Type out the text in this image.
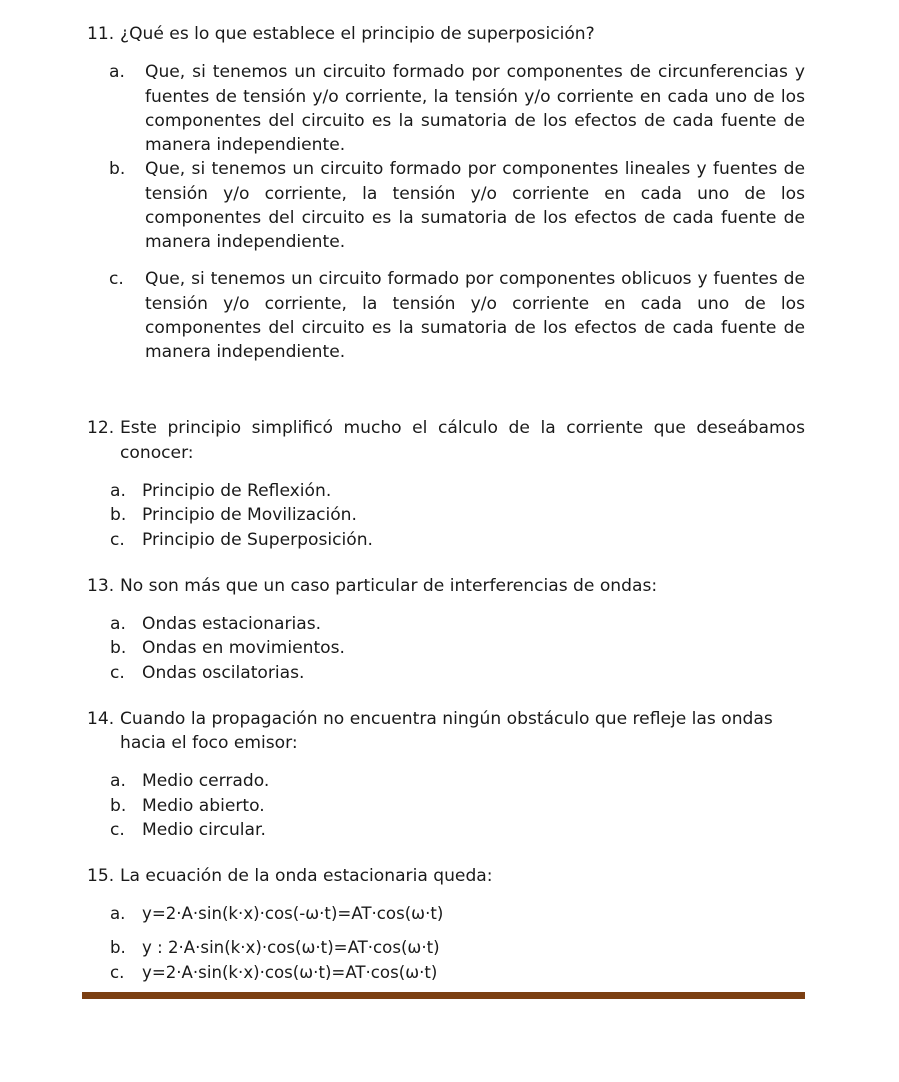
11. ¿Qué es lo que establece el principio de superposición?

a.	Que, si tenemos un circuito formado por componentes de circunferencias y fuentes de tensión y/o corriente, la tensión y/o corriente en cada uno de los componentes del circuito es la sumatoria de los efectos de cada fuente de manera independiente.
b.	Que, si tenemos un circuito formado por componentes lineales y fuentes de tensión y/o corriente, la tensión y/o corriente en cada uno de los componentes del circuito es la sumatoria de los efectos de cada fuente de manera independiente.
c.	Que, si tenemos un circuito formado por componentes oblicuos y fuentes de tensión y/o corriente, la tensión y/o corriente en cada uno de los componentes del circuito es la sumatoria de los efectos de cada fuente de manera independiente.

12. Este principio simplificó mucho el cálculo de la corriente que deseábamos conocer:

a. Principio de Reflexión.
b. Principio de Movilización.
c.	Principio de Superposición.

13. No son más que un caso particular de interferencias de ondas:

a. Ondas estacionarias.
b. Ondas en movimientos.
c.	Ondas oscilatorias.

14. Cuando la propagación no encuentra ningún obstáculo que refleje las ondas hacia el foco emisor:

a. Medio cerrado.
b. Medio abierto.
c.	Medio circular.

15. La ecuación de la onda estacionaria queda:

a. y=2·A·sin(k·x)·cos(-ω·t)=AT·cos(ω·t)
b. y : 2·A·sin(k·x)·cos(ω·t)=AT·cos(ω·t)
c.	y=2·A·sin(k·x)·cos(ω·t)=AT·cos(ω·t)
